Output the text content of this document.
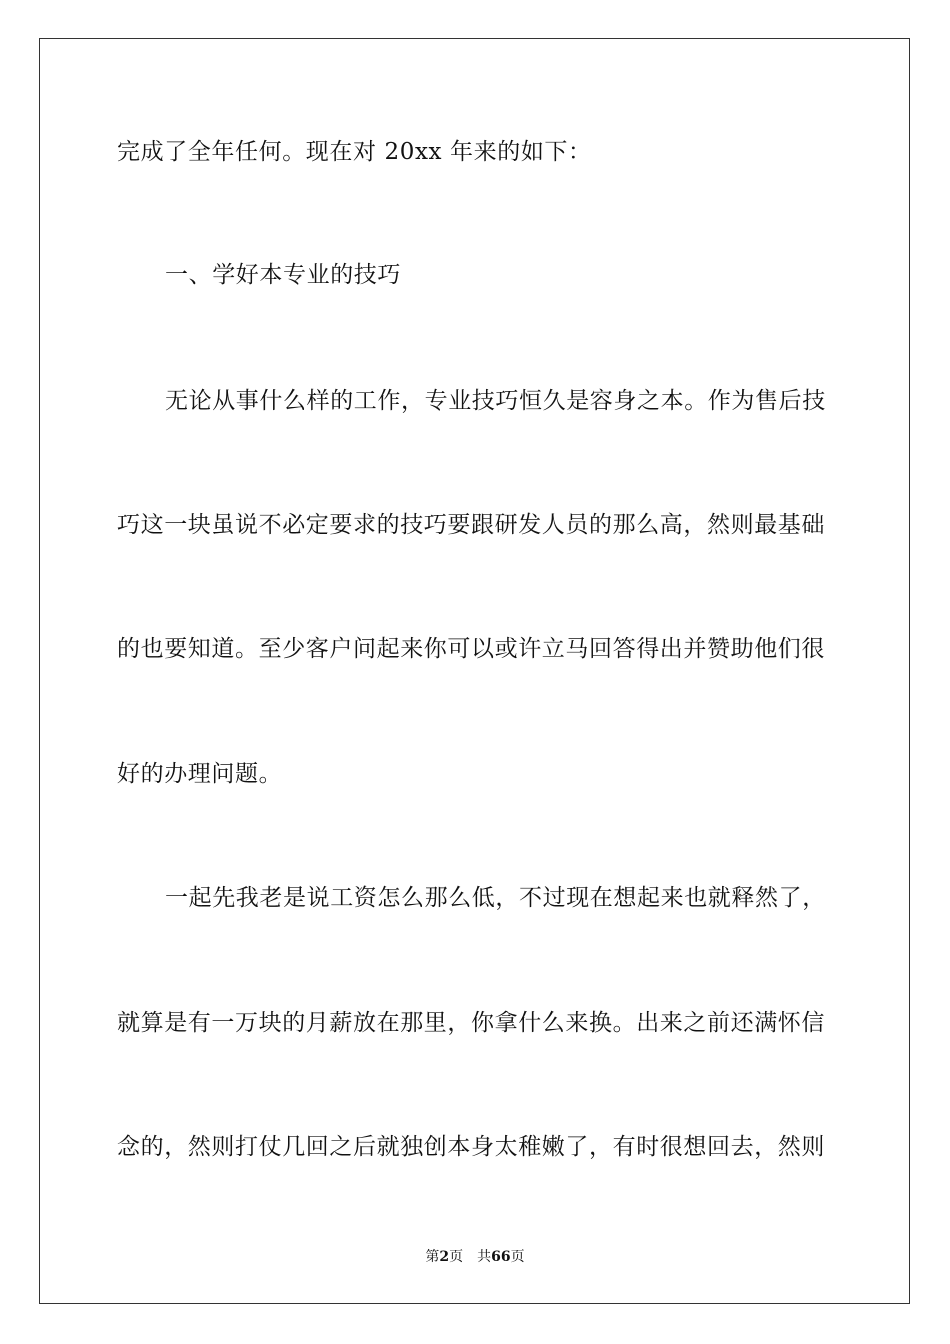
完成了全年任何。现在对 20xx 年来的如下：
一、学好本专业的技巧
无论从事什么样的工作，专业技巧恒久是容身之本。作为售后技
巧这一块虽说不必定要求的技巧要跟研发人员的那么高，然则最基础
的也要知道。至少客户问起来你可以或许立马回答得出并赞助他们很
好的办理问题。
一起先我老是说工资怎么那么低，不过现在想起来也就释然了，
就算是有一万块的月薪放在那里，你拿什么来换。出来之前还满怀信
念的，然则打仗几回之后就独创本身太稚嫩了，有时很想回去，然则
第2页 共66页
